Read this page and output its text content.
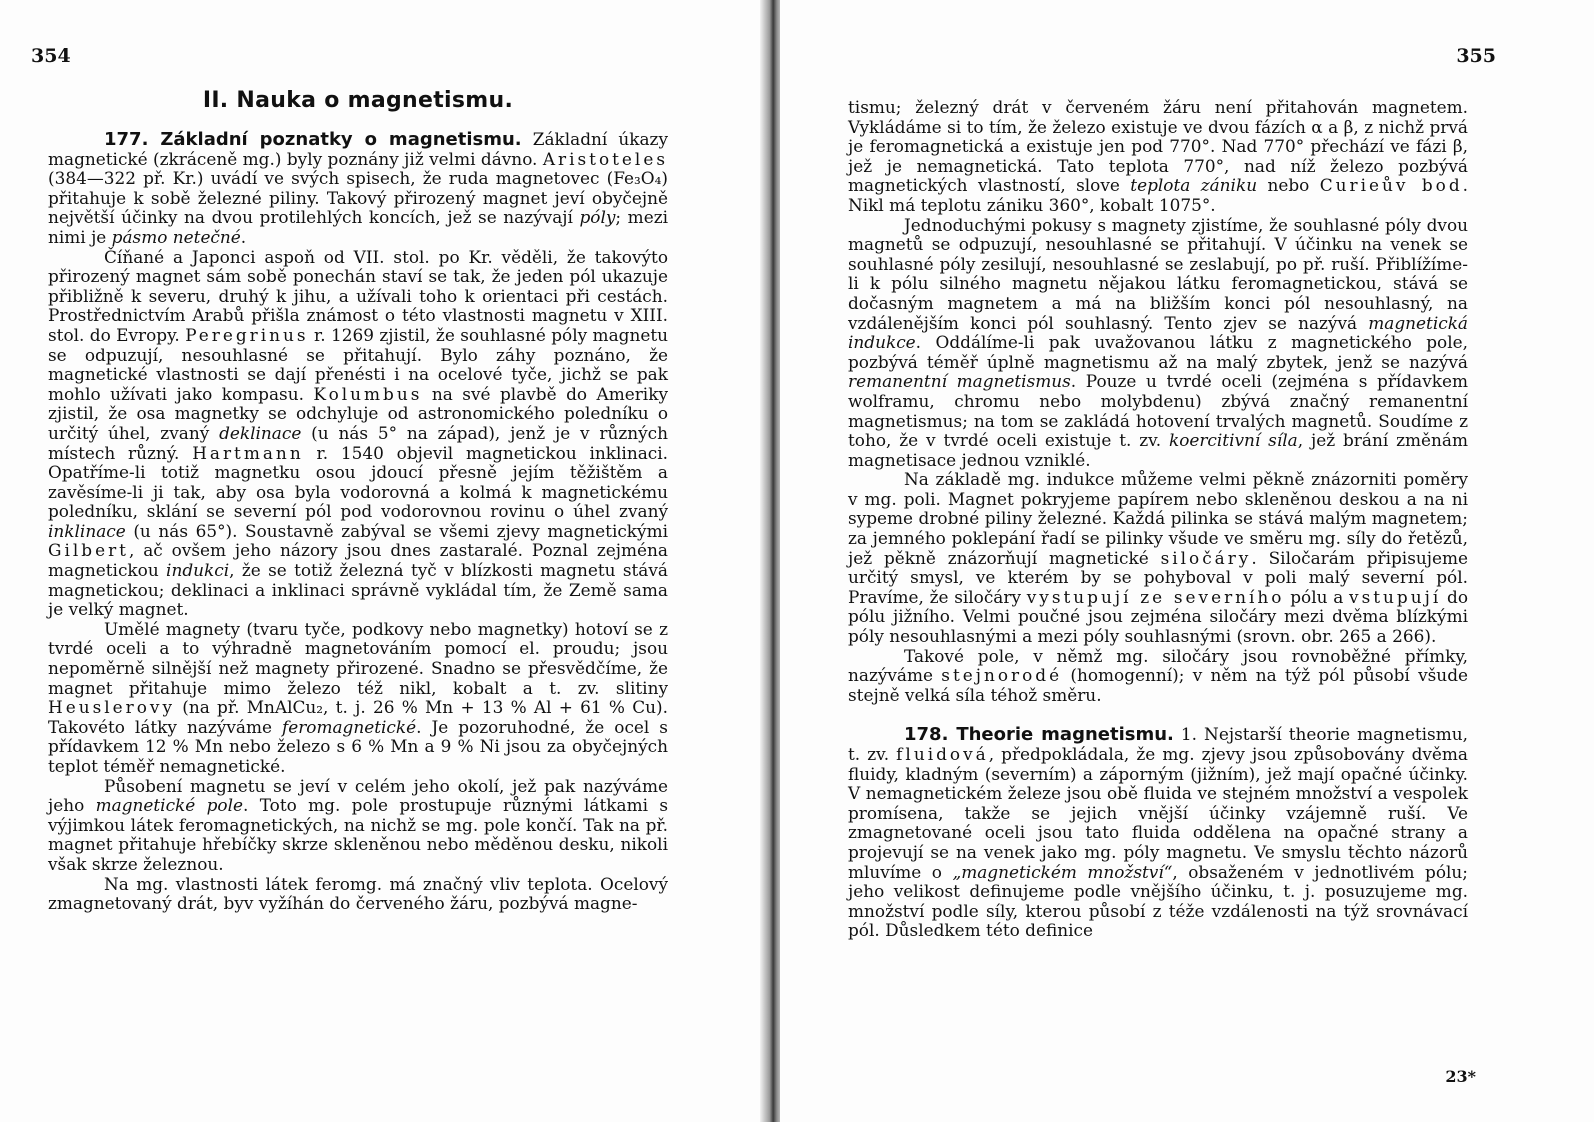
354
II. Nauka o magnetismu.

177. Základní poznatky o magnetismu. Základní úkazy magnetické (zkráceně mg.) byly poznány již velmi dávno. Aristoteles (384—322 př. Kr.) uvádí ve svých spisech, že ruda magnetovec (Fe₃O₄) přitahuje k sobě železné piliny. Takový přirozený magnet jeví obyčejně největší účinky na dvou protilehlých koncích, jež se nazývají póly; mezi nimi je pásmo netečné.

Číňané a Japonci aspoň od VII. stol. po Kr. věděli, že takovýto přirozený magnet sám sobě ponechán staví se tak, že jeden pól ukazuje přibližně k severu, druhý k jihu, a užívali toho k orientaci při cestách. Prostřednictvím Arabů přišla známost o této vlastnosti magnetu v XIII. stol. do Evropy. Peregrinus r. 1269 zjistil, že souhlasné póly magnetu se odpuzují, nesouhlasné se přitahují. Bylo záhy poznáno, že magnetické vlastnosti se dají přenésti i na ocelové tyče, jichž se pak mohlo užívati jako kompasu. Kolumbus na své plavbě do Ameriky zjistil, že osa magnetky se odchyluje od astronomického poledníku o určitý úhel, zvaný deklinace (u nás 5° na západ), jenž je v různých místech různý. Hartmann r. 1540 objevil magnetickou inklinaci. Opatříme-li totiž magnetku osou jdoucí přesně jejím těžištěm a zavěsíme-li ji tak, aby osa byla vodorovná a kolmá k magnetickému poledníku, sklání se severní pól pod vodorovnou rovinu o úhel zvaný inklinace (u nás 65°). Soustavně zabýval se všemi zjevy magnetickými Gilbert, ač ovšem jeho názory jsou dnes zastaralé. Poznal zejména magnetickou indukci, že se totiž železná tyč v blízkosti magnetu stává magnetickou; deklinaci a inklinaci správně vykládal tím, že Země sama je velký magnet.

Umělé magnety (tvaru tyče, podkovy nebo magnetky) hotoví se z tvrdé oceli a to výhradně magnetováním pomocí el. proudu; jsou nepoměrně silnější než magnety přirozené. Snadno se přesvědčíme, že magnet přitahuje mimo železo též nikl, kobalt a t. zv. slitiny Heuslerovy (na př. MnAlCu₂, t. j. 26 % Mn + 13 % Al + 61 % Cu). Takovéto látky nazýváme feromagnetické. Je pozoruhodné, že ocel s přídavkem 12 % Mn nebo železo s 6 % Mn a 9 % Ni jsou za obyčejných teplot téměř nemagnetické.

Působení magnetu se jeví v celém jeho okolí, jež pak nazýváme jeho magnetické pole. Toto mg. pole prostupuje různými látkami s výjimkou látek feromagnetických, na nichž se mg. pole končí. Tak na př. magnet přitahuje hřebíčky skrze skleněnou nebo měděnou desku, nikoli však skrze železnou.

Na mg. vlastnosti látek feromg. má značný vliv teplota. Ocelový zmagnetovaný drát, byv vyžíhán do červeného žáru, pozbývá magne-

355

tismu; železný drát v červeném žáru není přitahován magnetem. Vykládáme si to tím, že železo existuje ve dvou fázích α a β, z nichž prvá je feromagnetická a existuje jen pod 770°. Nad 770° přechází ve fázi β, jež je nemagnetická. Tato teplota 770°, nad níž železo pozbývá magnetických vlastností, slove teplota zániku nebo Curieův bod. Nikl má teplotu zániku 360°, kobalt 1075°.

Jednoduchými pokusy s magnety zjistíme, že souhlasné póly dvou magnetů se odpuzují, nesouhlasné se přitahují. V účinku na venek se souhlasné póly zesilují, nesouhlasné se zeslabují, po př. ruší. Přiblížíme-li k pólu silného magnetu nějakou látku feromagnetickou, stává se dočasným magnetem a má na bližším konci pól nesouhlasný, na vzdálenějším konci pól souhlasný. Tento zjev se nazývá magnetická indukce. Oddálíme-li pak uvažovanou látku z magnetického pole, pozbývá téměř úplně magnetismu až na malý zbytek, jenž se nazývá remanentní magnetismus. Pouze u tvrdé oceli (zejména s přídavkem wolframu, chromu nebo molybdenu) zbývá značný remanentní magnetismus; na tom se zakládá hotovení trvalých magnetů. Soudíme z toho, že v tvrdé oceli existuje t. zv. koercitivní síla, jež brání změnám magnetisace jednou vzniklé.

Na základě mg. indukce můžeme velmi pěkně znázorniti poměry v mg. poli. Magnet pokryjeme papírem nebo skleněnou deskou a na ni sypeme drobné piliny železné. Každá pilinka se stává malým magnetem; za jemného poklepání řadí se pilinky všude ve směru mg. síly do řetězů, jež pěkně znázorňují magnetické siločáry. Siločarám připisujeme určitý smysl, ve kterém by se pohyboval v poli malý severní pól. Pravíme, že siločáry vystupují ze severního pólu a vstupují do pólu jižního. Velmi poučné jsou zejména siločáry mezi dvěma blízkými póly nesouhlasnými a mezi póly souhlasnými (srovn. obr. 265 a 266).

Takové pole, v němž mg. siločáry jsou rovnoběžné přímky, nazýváme stejnorodé (homogenní); v něm na týž pól působí všude stejně velká síla téhož směru.

178. Theorie magnetismu. 1. Nejstarší theorie magnetismu, t. zv. fluidová, předpokládala, že mg. zjevy jsou způsobovány dvěma fluidy, kladným (severním) a záporným (jižním), jež mají opačné účinky. V nemagnetickém železe jsou obě fluida ve stejném množství a vespolek promísena, takže se jejich vnější účinky vzájemně ruší. Ve zmagnetované oceli jsou tato fluida oddělena na opačné strany a projevují se na venek jako mg. póly magnetu. Ve smyslu těchto názorů mluvíme o „magnetickém množství“, obsaženém v jednotlivém pólu; jeho velikost definujeme podle vnějšího účinku, t. j. posuzujeme mg. množství podle síly, kterou působí z téže vzdálenosti na týž srovnávací pól. Důsledkem této definice

23*
